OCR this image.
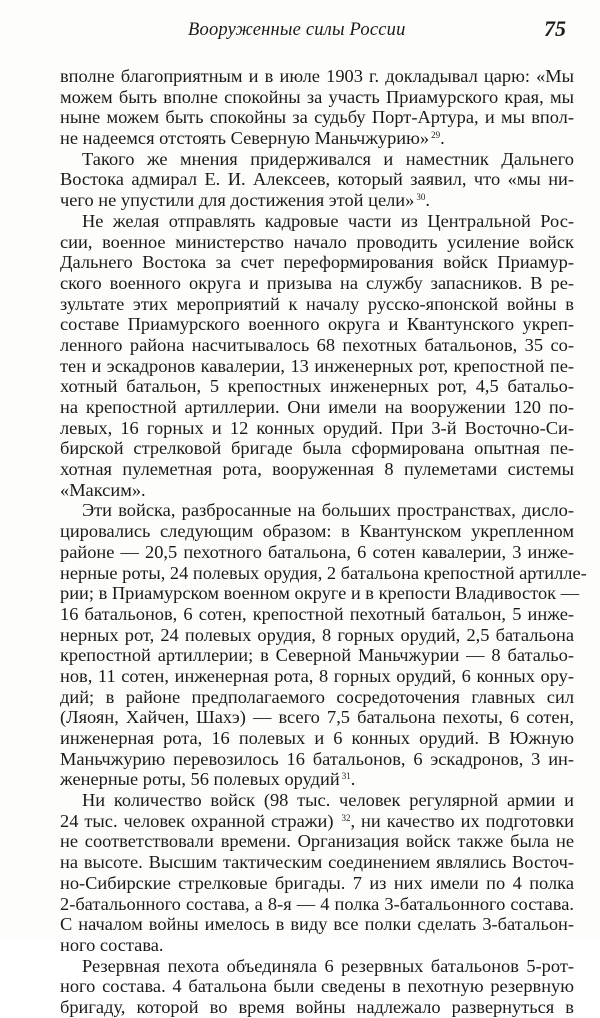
Вооруженные силы России	75
вполне благоприятным и в июле 1903 г. докладывал царю: «Мы
можем быть вполне спокойны за участь Приамурского края, мы
ныне можем быть спокойны за судьбу Порт-Артура, и мы впол-
не надеемся отстоять Северную Маньчжурию» $^{29}$.
Такого же мнения придерживался и наместник Дальнего
Востока адмирал Е. И. Алексеев, который заявил, что «мы ни-
чего не упустили для достижения этой цели» $^{30}$.
Не желая отправлять кадровые части из Центральной Рос-
сии, военное министерство начало проводить усиление войск
Дальнего Востока за счет переформирования войск Приамур-
ского военного округа и призыва на службу запасников. В ре-
зультате этих мероприятий к началу русско-японской войны в
составе Приамурского военного округа и Квантунского укреп-
ленного района насчитывалось 68 пехотных батальонов, 35 со-
тен и эскадронов кавалерии, 13 инженерных рот, крепостной пе-
хотный батальон, 5 крепостных инженерных рот, 4,5 батальо-
на крепостной артиллерии. Они имели на вооружении 120 по-
левых, 16 горных и 12 конных орудий. При 3-й Восточно-Си-
бирской стрелковой бригаде была сформирована опытная пе-
хотная пулеметная рота, вооруженная 8 пулеметами системы
«Максим».
Эти войска, разбросанные на больших пространствах, дисло-
цировались следующим образом: в Квантунском укрепленном
районе — 20,5 пехотного батальона, 6 сотен кавалерии, 3 инже-
нерные роты, 24 полевых орудия, 2 батальона крепостной артилле-
рии; в Приамурском военном округе и в крепости Владивосток —
16 батальонов, 6 сотен, крепостной пехотный батальон, 5 инже-
нерных рот, 24 полевых орудия, 8 горных орудий, 2,5 батальона
крепостной артиллерии; в Северной Маньчжурии — 8 батальо-
нов, 11 сотен, инженерная рота, 8 горных орудий, 6 конных ору-
дий; в районе предполагаемого сосредоточения главных сил
(Ляоян, Хайчен, Шахэ) — всего 7,5 батальона пехоты, 6 сотен,
инженерная рота, 16 полевых и 6 конных орудий. В Южную
Маньчжурию перевозилось 16 батальонов, 6 эскадронов, 3 ин-
женерные роты, 56 полевых орудий $^{31}$.
Ни количество войск (98 тыс. человек регулярной армии и
24 тыс. человек охранной стражи) $^{32}$, ни качество их подготовки
не соответствовали времени. Организация войск также была не
на высоте. Высшим тактическим соединением являлись Восточ-
но-Сибирские стрелковые бригады. 7 из них имели по 4 полка
2-батальонного состава, а 8-я — 4 полка 3-батальонного состава.
С началом войны имелось в виду все полки сделать 3-батальон-
ного состава.
Резервная пехота объединяла 6 резервных батальонов 5-рот-
ного состава. 4 батальона были сведены в пехотную резервную
бригаду, которой во время войны надлежало развернуться в
